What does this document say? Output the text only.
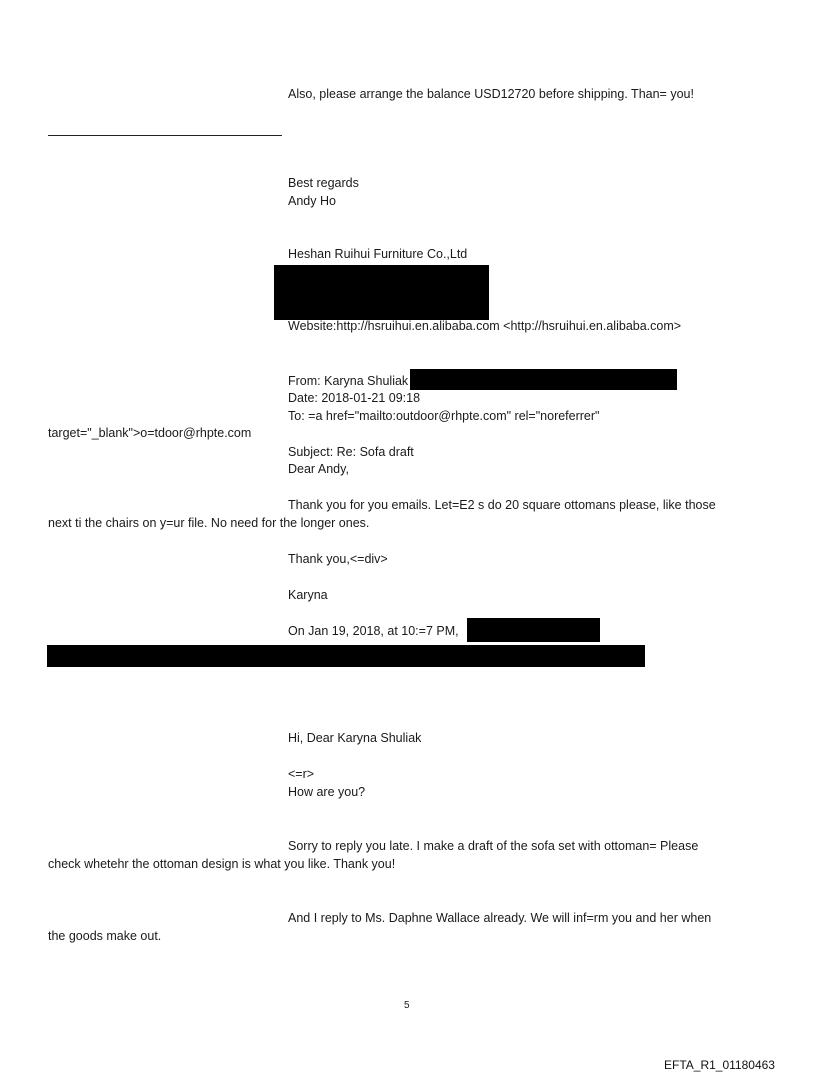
Also, please arrange the balance USD12720 before shipping. Than= you!
Best regards
Andy Ho
Heshan Ruihui Furniture Co.,Ltd
Website:http://hsruihui.en.alibaba.com <http://hsruihui.en.alibaba.com>
From: Karyna Shuliak
Date: 2018-01-21 09:18
To: =a href="mailto:outdoor@rhpte.com" rel="noreferrer"
target="_blank">o=tdoor@rhpte.com
Subject: Re: Sofa draft
Dear Andy,
Thank you for you emails. Let=E2 s do 20 square ottomans please, like those
next ti the chairs on y=ur file. No need for the longer ones.
Thank you,<=div>
Karyna
On Jan 19, 2018, at 10:=7 PM,
Hi, Dear Karyna Shuliak
<=r>
How are you?
Sorry to reply you late. I make a draft of the sofa set with ottoman= Please
check whetehr the ottoman design is what you like. Thank you!
And I reply to Ms. Daphne Wallace already. We will inf=rm you and her when
the goods make out.
5
EFTA_R1_01180463
